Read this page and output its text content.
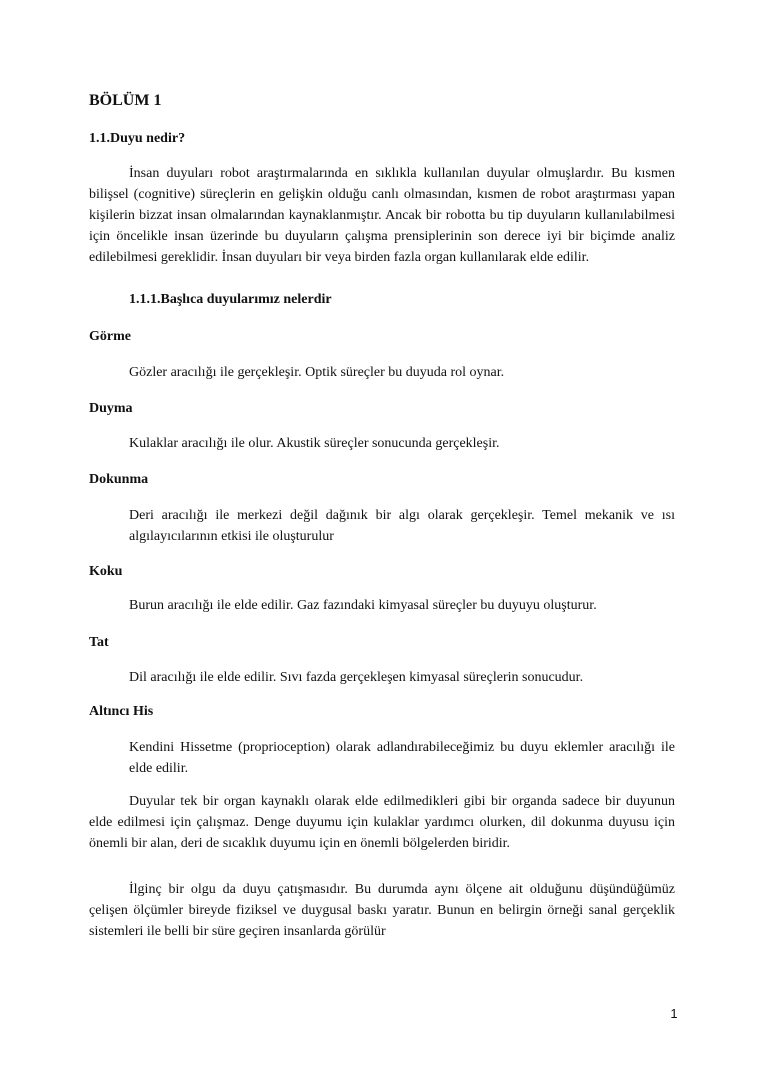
BÖLÜM 1
1.1.Duyu nedir?
İnsan duyuları robot araştırmalarında en sıklıkla kullanılan duyular olmuşlardır. Bu kısmen bilişsel (cognitive) süreçlerin en gelişkin olduğu canlı olmasından, kısmen de robot araştırması yapan kişilerin bizzat insan olmalarından kaynaklanmıştır. Ancak bir robotta bu tip duyuların kullanılabilmesi için öncelikle insan üzerinde bu duyuların çalışma prensiplerinin son derece iyi bir biçimde analiz edilebilmesi gereklidir. İnsan duyuları bir veya birden fazla organ kullanılarak elde edilir.
1.1.1.Başlıca duyularımız nelerdir
Görme
Gözler aracılığı ile gerçekleşir. Optik süreçler bu duyuda rol oynar.
Duyma
Kulaklar aracılığı ile olur. Akustik süreçler sonucunda gerçekleşir.
Dokunma
Deri aracılığı ile merkezi değil dağınık bir algı olarak gerçekleşir. Temel mekanik ve ısı algılayıcılarının etkisi ile oluşturulur
Koku
Burun aracılığı ile elde edilir. Gaz fazındaki kimyasal süreçler bu duyuyu oluşturur.
Tat
Dil aracılığı ile elde edilir. Sıvı fazda gerçekleşen kimyasal süreçlerin sonucudur.
Altıncı His
Kendini Hissetme (proprioception) olarak adlandırabileceğimiz bu duyu eklemler aracılığı ile elde edilir.
Duyular tek bir organ kaynaklı olarak elde edilmedikleri gibi bir organda sadece bir duyunun elde edilmesi için çalışmaz. Denge duyumu için kulaklar yardımcı olurken, dil dokunma duyusu için önemli bir alan, deri de sıcaklık duyumu için en önemli bölgelerden biridir.
İlginç bir olgu da duyu çatışmasıdır. Bu durumda aynı ölçene ait olduğunu düşündüğümüz çelişen ölçümler bireyde fiziksel ve duygusal baskı yaratır. Bunun en belirgin örneği sanal gerçeklik sistemleri ile belli bir süre geçiren insanlarda görülür
1
